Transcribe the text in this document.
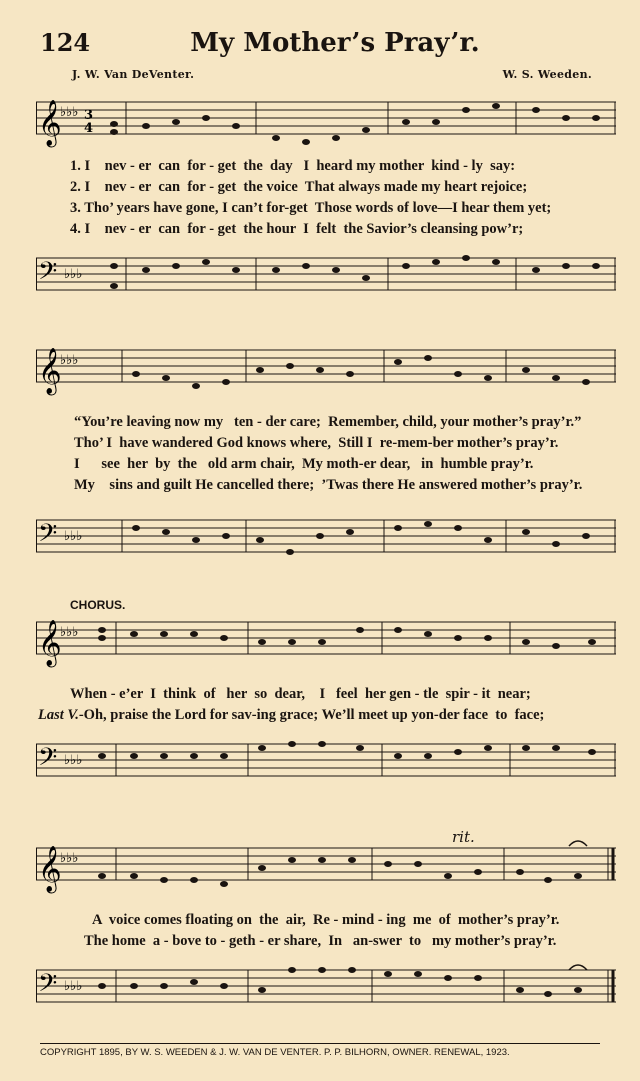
124	My Mother’s Pray’r.
J. W. Van DeVenter.	W. S. Weeden.
𝄞
♭♭♭ 3
4
1. I    nev - er  can  for - get  the  day   I  heard my mother  kind - ly  say:
2. I    nev - er  can  for - get  the voice  That always made my heart rejoice;
3. Tho’ years have gone, I can’t for-get  Those words of love—I hear them yet;
4. I    nev - er  can  for - get  the hour  I  felt  the Savior’s cleansing pow’r;
𝄢 ♭♭♭
𝄞
♭♭♭
“You’re leaving now my   ten - der care;  Remember, child, your mother’s pray’r.”
Tho’ I  have wandered God knows where,  Still I  re-mem-ber mother’s pray’r.
I      see  her  by  the   old arm chair,  My moth-er dear,   in  humble pray’r.
My    sins and guilt He cancelled there;  ’Twas there He answered mother’s pray’r.
𝄢 ♭♭♭
CHORUS.
𝄞
♭♭♭
When - e’er  I  think  of   her  so  dear,    I   feel  her gen - tle  spir - it  near;
Last V.-Oh, praise the Lord for sav-ing grace; We’ll meet up yon-der face  to  face;
𝄢 ♭♭♭
rit.
𝄞
♭♭♭
A  voice comes floating on  the  air,  Re - mind - ing  me  of  mother’s pray’r.
The home  a - bove to - geth - er share,  In   an-swer  to   my mother’s pray’r.
𝄢 ♭♭♭
COPYRIGHT 1895, BY W. S. WEEDEN & J. W. VAN DE VENTER. P. P. BILHORN, OWNER. RENEWAL, 1923.
